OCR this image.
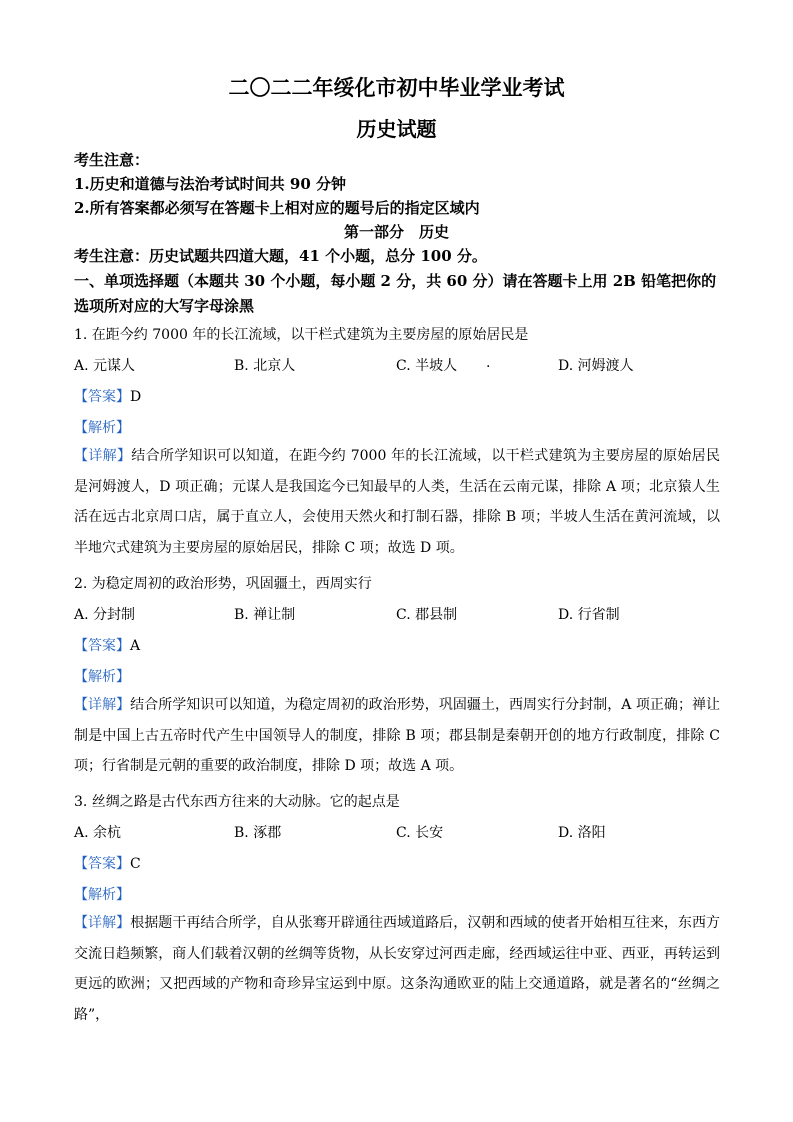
二〇二二年绥化市初中毕业学业考试
历史试题
考生注意：
1.历史和道德与法治考试时间共 90 分钟
2.所有答案都必须写在答题卡上相对应的题号后的指定区域内
第一部分　历史
考生注意：历史试题共四道大题，41 个小题，总分 100 分。
一、单项选择题（本题共 30 个小题，每小题 2 分，共 60 分）请在答题卡上用 2B 铅笔把你的
选项所对应的大写字母涂黑
1. 在距今约 7000 年的长江流域，以干栏式建筑为主要房屋的原始居民是
A. 元谋人	B. 北京人	C. 半坡人 .	D. 河姆渡人
【答案】D
【解析】
【详解】结合所学知识可以知道，在距今约 7000 年的长江流域，以干栏式建筑为主要房屋的原始居民是河姆渡人，D 项正确；元谋人是我国迄今已知最早的人类，生活在云南元谋，排除 A 项；北京猿人生活在远古北京周口店，属于直立人，会使用天然火和打制石器，排除 B 项；半坡人生活在黄河流域，以半地穴式建筑为主要房屋的原始居民，排除 C 项；故选 D 项。
2. 为稳定周初的政治形势，巩固疆土，西周实行
A. 分封制	B. 禅让制	C. 郡县制	D. 行省制
【答案】A
【解析】
【详解】结合所学知识可以知道，为稳定周初的政治形势，巩固疆土，西周实行分封制，A 项正确；禅让制是中国上古五帝时代产生中国领导人的制度，排除 B 项；郡县制是秦朝开创的地方行政制度，排除 C 项；行省制是元朝的重要的政治制度，排除 D 项；故选 A 项。
3. 丝绸之路是古代东西方往来的大动脉。它的起点是
A. 余杭	B. 涿郡	C. 长安	D. 洛阳
【答案】C
【解析】
【详解】根据题干再结合所学，自从张骞开辟通往西域道路后，汉朝和西域的使者开始相互往来，东西方交流日趋频繁，商人们载着汉朝的丝绸等货物，从长安穿过河西走廊，经西域运往中亚、西亚，再转运到更远的欧洲；又把西域的产物和奇珍异宝运到中原。这条沟通欧亚的陆上交通道路，就是著名的“丝绸之路”，
